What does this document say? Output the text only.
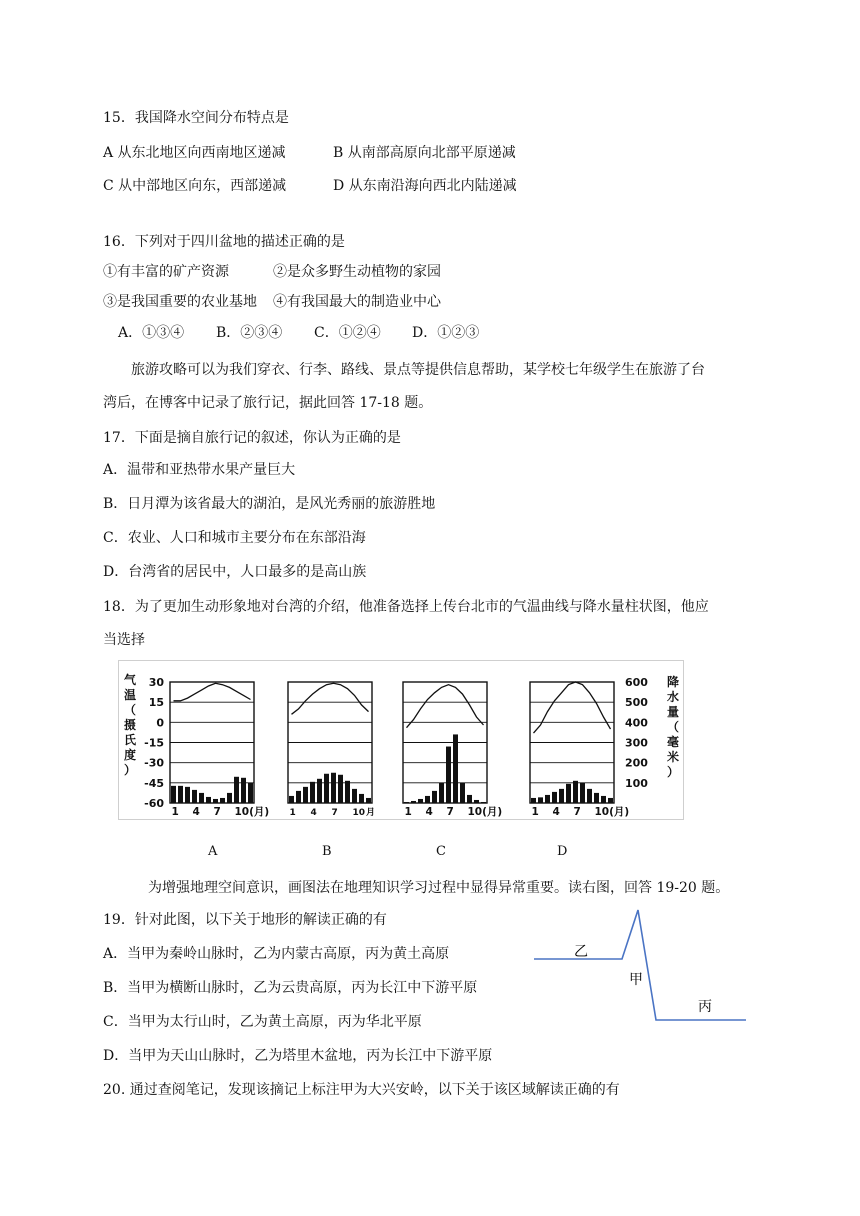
15．我国降水空间分布特点是
A 从东北地区向西南地区递减	B 从南部高原向北部平原递减
C 从中部地区向东，西部递减	D 从东南沿海向西北内陆递减
16．下列对于四川盆地的描述正确的是
①有丰富的矿产资源	②是众多野生动植物的家园
③是我国重要的农业基地 ④有我国最大的制造业中心
A．①③④ B．②③④ C．①②④ D．①②③
旅游攻略可以为我们穿衣、行李、路线、景点等提供信息帮助，某学校七年级学生在旅游了台
湾后，在博客中记录了旅行记，据此回答 17-18 题。
17．下面是摘自旅行记的叙述，你认为正确的是
A．温带和亚热带水果产量巨大
B．日月潭为该省最大的湖泊，是风光秀丽的旅游胜地
C．农业、人口和城市主要分布在东部沿海
D．台湾省的居民中，人口最多的是高山族
18．为了更加生动形象地对台湾的介绍，他准备选择上传台北市的气温曲线与降水量柱状图，他应
当选择
气
温
（
摄
氏
度
）
30
15
0
-15
-30
-45
-60
600
500
400
300
200
100
降
水
量
（
毫
米
）
1 4 7 10(月) 1 4 7 10 月	1 4 7 10(月)	1 4 7 10(月)
A	B	C	D
为增强地理空间意识，画图法在地理知识学习过程中显得异常重要。读右图，回答 19-20 题。
乙
甲
丙
19．针对此图，以下关于地形的解读正确的有
A．当甲为秦岭山脉时，乙为内蒙古高原，丙为黄土高原
B．当甲为横断山脉时，乙为云贵高原，丙为长江中下游平原
C．当甲为太行山时，乙为黄土高原，丙为华北平原
D．当甲为天山山脉时，乙为塔里木盆地，丙为长江中下游平原
20. 通过查阅笔记，发现该摘记上标注甲为大兴安岭，以下关于该区域解读正确的有
